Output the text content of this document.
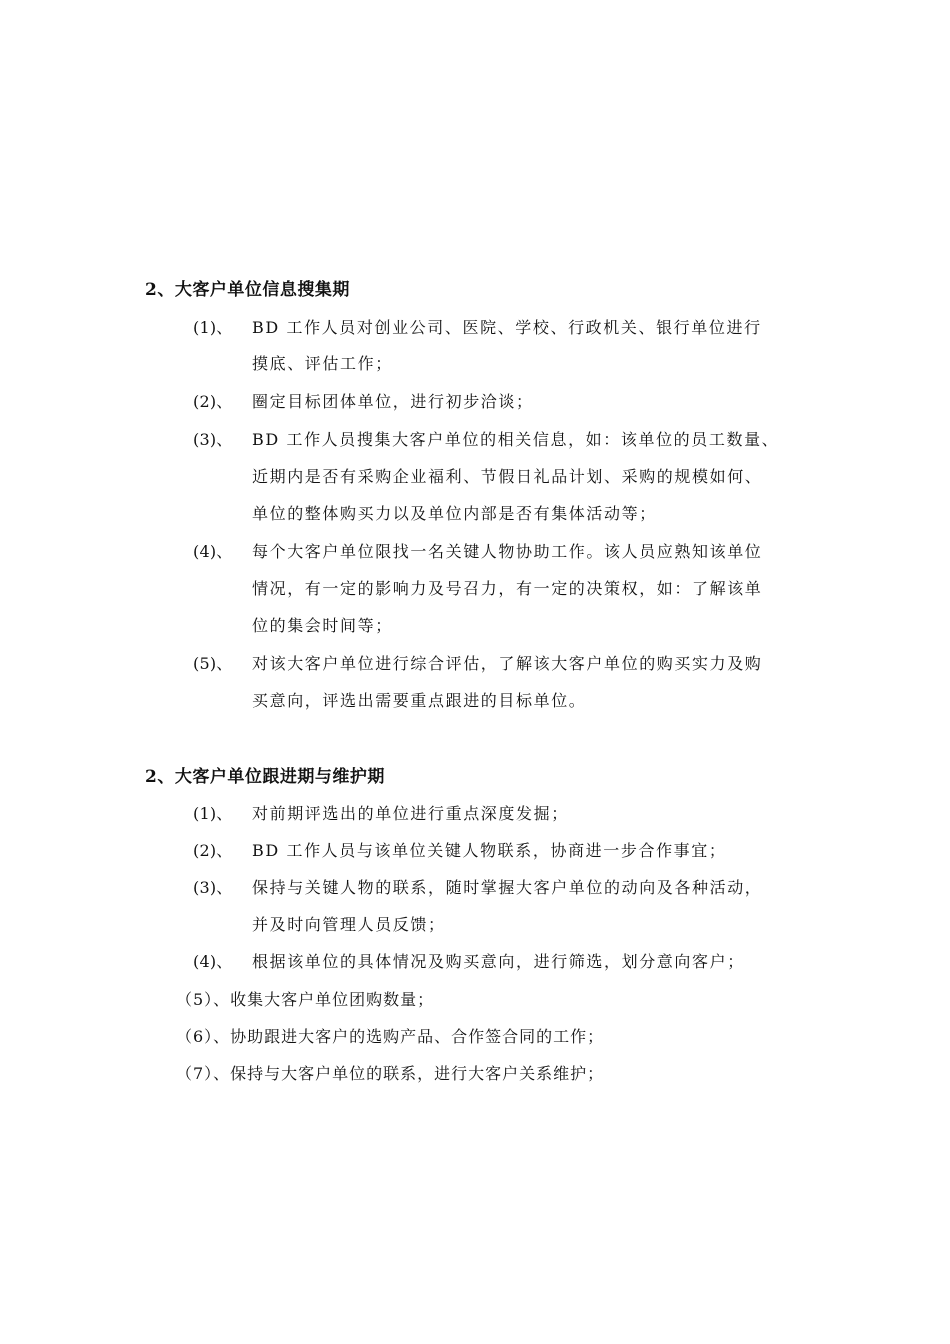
2、大客户单位信息搜集期
(1)、 BD 工作人员对创业公司、医院、学校、行政机关、银行单位进行
摸底、评估工作；
(2)、 圈定目标团体单位，进行初步洽谈；
(3)、 BD 工作人员搜集大客户单位的相关信息，如：该单位的员工数量、
近期内是否有采购企业福利、节假日礼品计划、采购的规模如何、
单位的整体购买力以及单位内部是否有集体活动等；
(4)、 每个大客户单位限找一名关键人物协助工作。该人员应熟知该单位
情况，有一定的影响力及号召力，有一定的决策权，如：了解该单
位的集会时间等；
(5)、 对该大客户单位进行综合评估，了解该大客户单位的购买实力及购
买意向，评选出需要重点跟进的目标单位。
2、大客户单位跟进期与维护期
(1)、 对前期评选出的单位进行重点深度发掘；
(2)、 BD 工作人员与该单位关键人物联系，协商进一步合作事宜；
(3)、 保持与关键人物的联系，随时掌握大客户单位的动向及各种活动，
并及时向管理人员反馈；
(4)、 根据该单位的具体情况及购买意向，进行筛选，划分意向客户；
（5）、收集大客户单位团购数量；
（6）、协助跟进大客户的选购产品、合作签合同的工作；
（7）、保持与大客户单位的联系，进行大客户关系维护；
